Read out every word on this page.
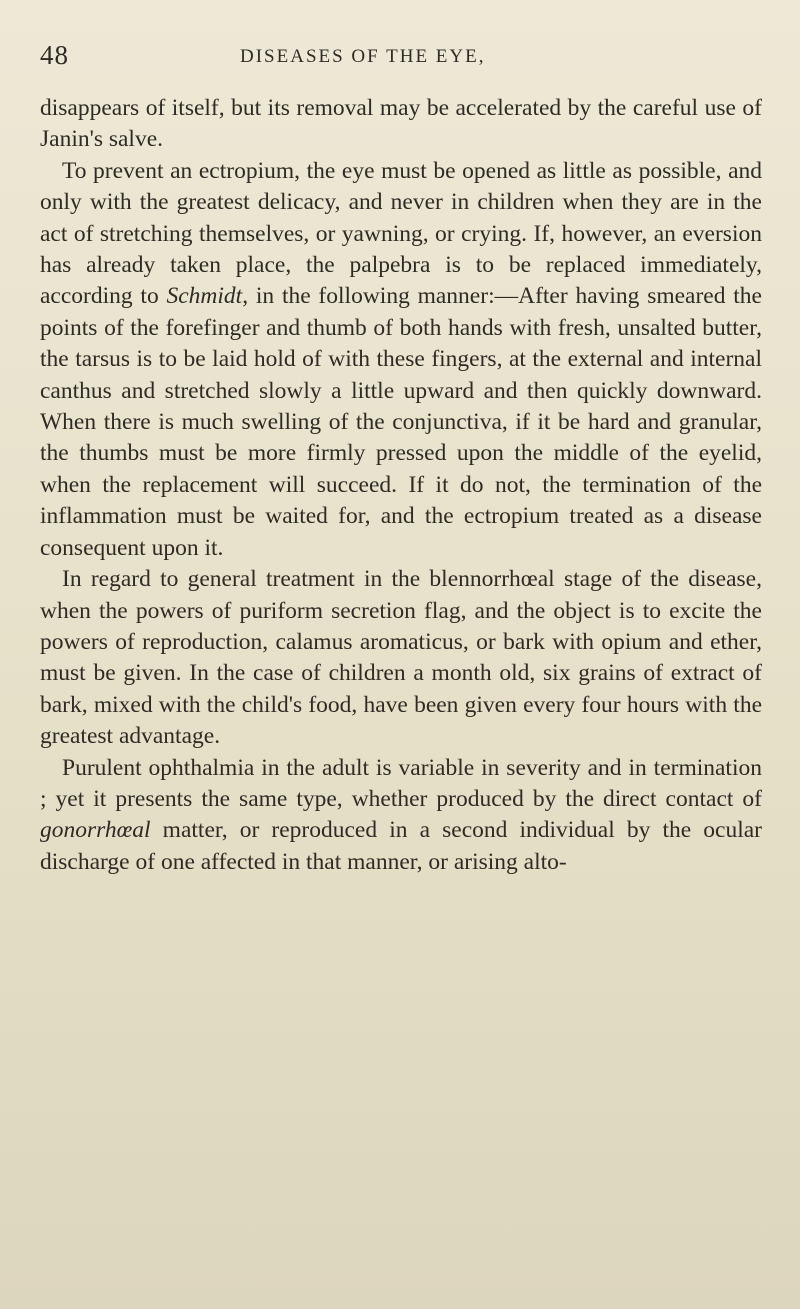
48	DISEASES OF THE EYE,

disappears of itself, but its removal may be accelerated by the careful use of Janin's salve.

To prevent an ectropium, the eye must be opened as little as possible, and only with the greatest delicacy, and never in children when they are in the act of stretching themselves, or yawning, or crying. If, however, an eversion has already taken place, the palpebra is to be replaced immediately, according to Schmidt, in the following manner:—After having smeared the points of the forefinger and thumb of both hands with fresh, unsalted butter, the tarsus is to be laid hold of with these fingers, at the external and internal canthus and stretched slowly a little upward and then quickly downward. When there is much swelling of the conjunctiva, if it be hard and granular, the thumbs must be more firmly pressed upon the middle of the eyelid, when the replacement will succeed. If it do not, the termination of the inflammation must be waited for, and the ectropium treated as a disease consequent upon it.

In regard to general treatment in the blennorrhœal stage of the disease, when the powers of puriform secretion flag, and the object is to excite the powers of reproduction, calamus aromaticus, or bark with opium and ether, must be given. In the case of children a month old, six grains of extract of bark, mixed with the child's food, have been given every four hours with the greatest advantage.

Purulent ophthalmia in the adult is variable in severity and in termination ; yet it presents the same type, whether produced by the direct contact of gonorrhœal matter, or reproduced in a second individual by the ocular discharge of one affected in that manner, or arising alto-
